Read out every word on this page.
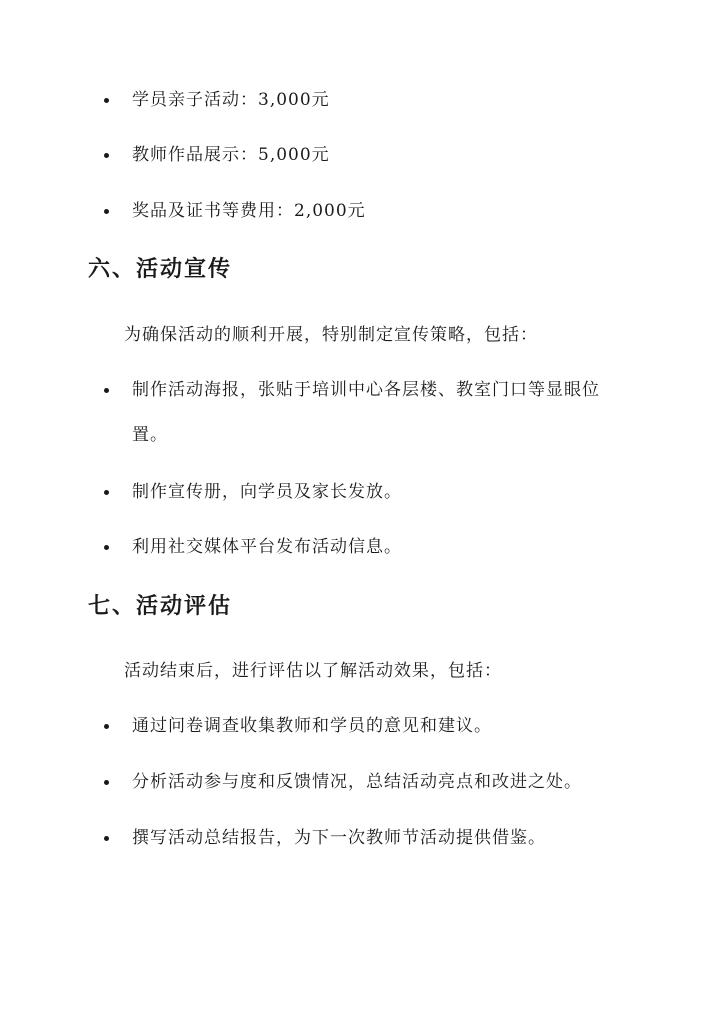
学员亲子活动：3,000元
教师作品展示：5,000元
奖品及证书等费用：2,000元
六、活动宣传
为确保活动的顺利开展，特别制定宣传策略，包括：
制作活动海报，张贴于培训中心各层楼、教室门口等显眼位
置。
制作宣传册，向学员及家长发放。
利用社交媒体平台发布活动信息。
七、活动评估
活动结束后，进行评估以了解活动效果，包括：
通过问卷调查收集教师和学员的意见和建议。
分析活动参与度和反馈情况，总结活动亮点和改进之处。
撰写活动总结报告，为下一次教师节活动提供借鉴。
